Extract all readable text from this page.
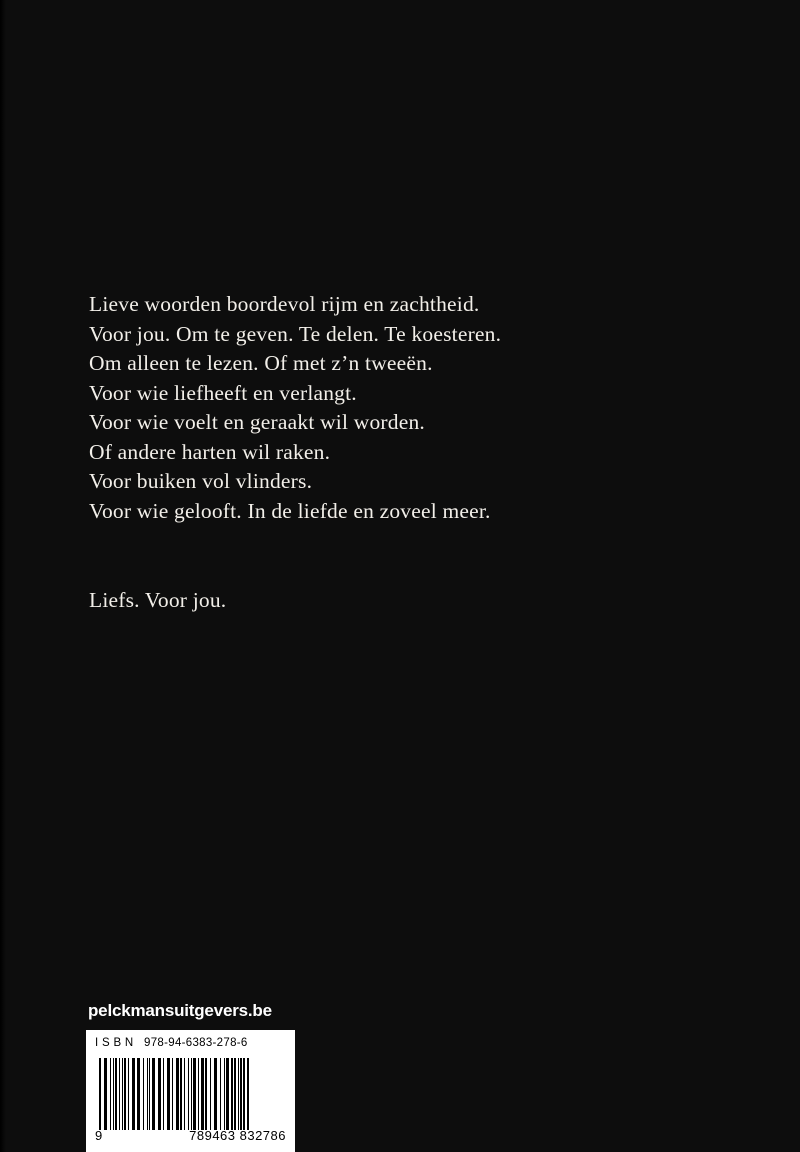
Lieve woorden boordevol rijm en zachtheid.
Voor jou. Om te geven. Te delen. Te koesteren.
Om alleen te lezen. Of met z’n tweeën.
Voor wie liefheeft en verlangt.
Voor wie voelt en geraakt wil worden.
Of andere harten wil raken.
Voor buiken vol vlinders.
Voor wie gelooft. In de liefde en zoveel meer.
Liefs. Voor jou.
pelckmansuitgevers.be
I S B N 978-94-6383-278-6
9	789463 832786
